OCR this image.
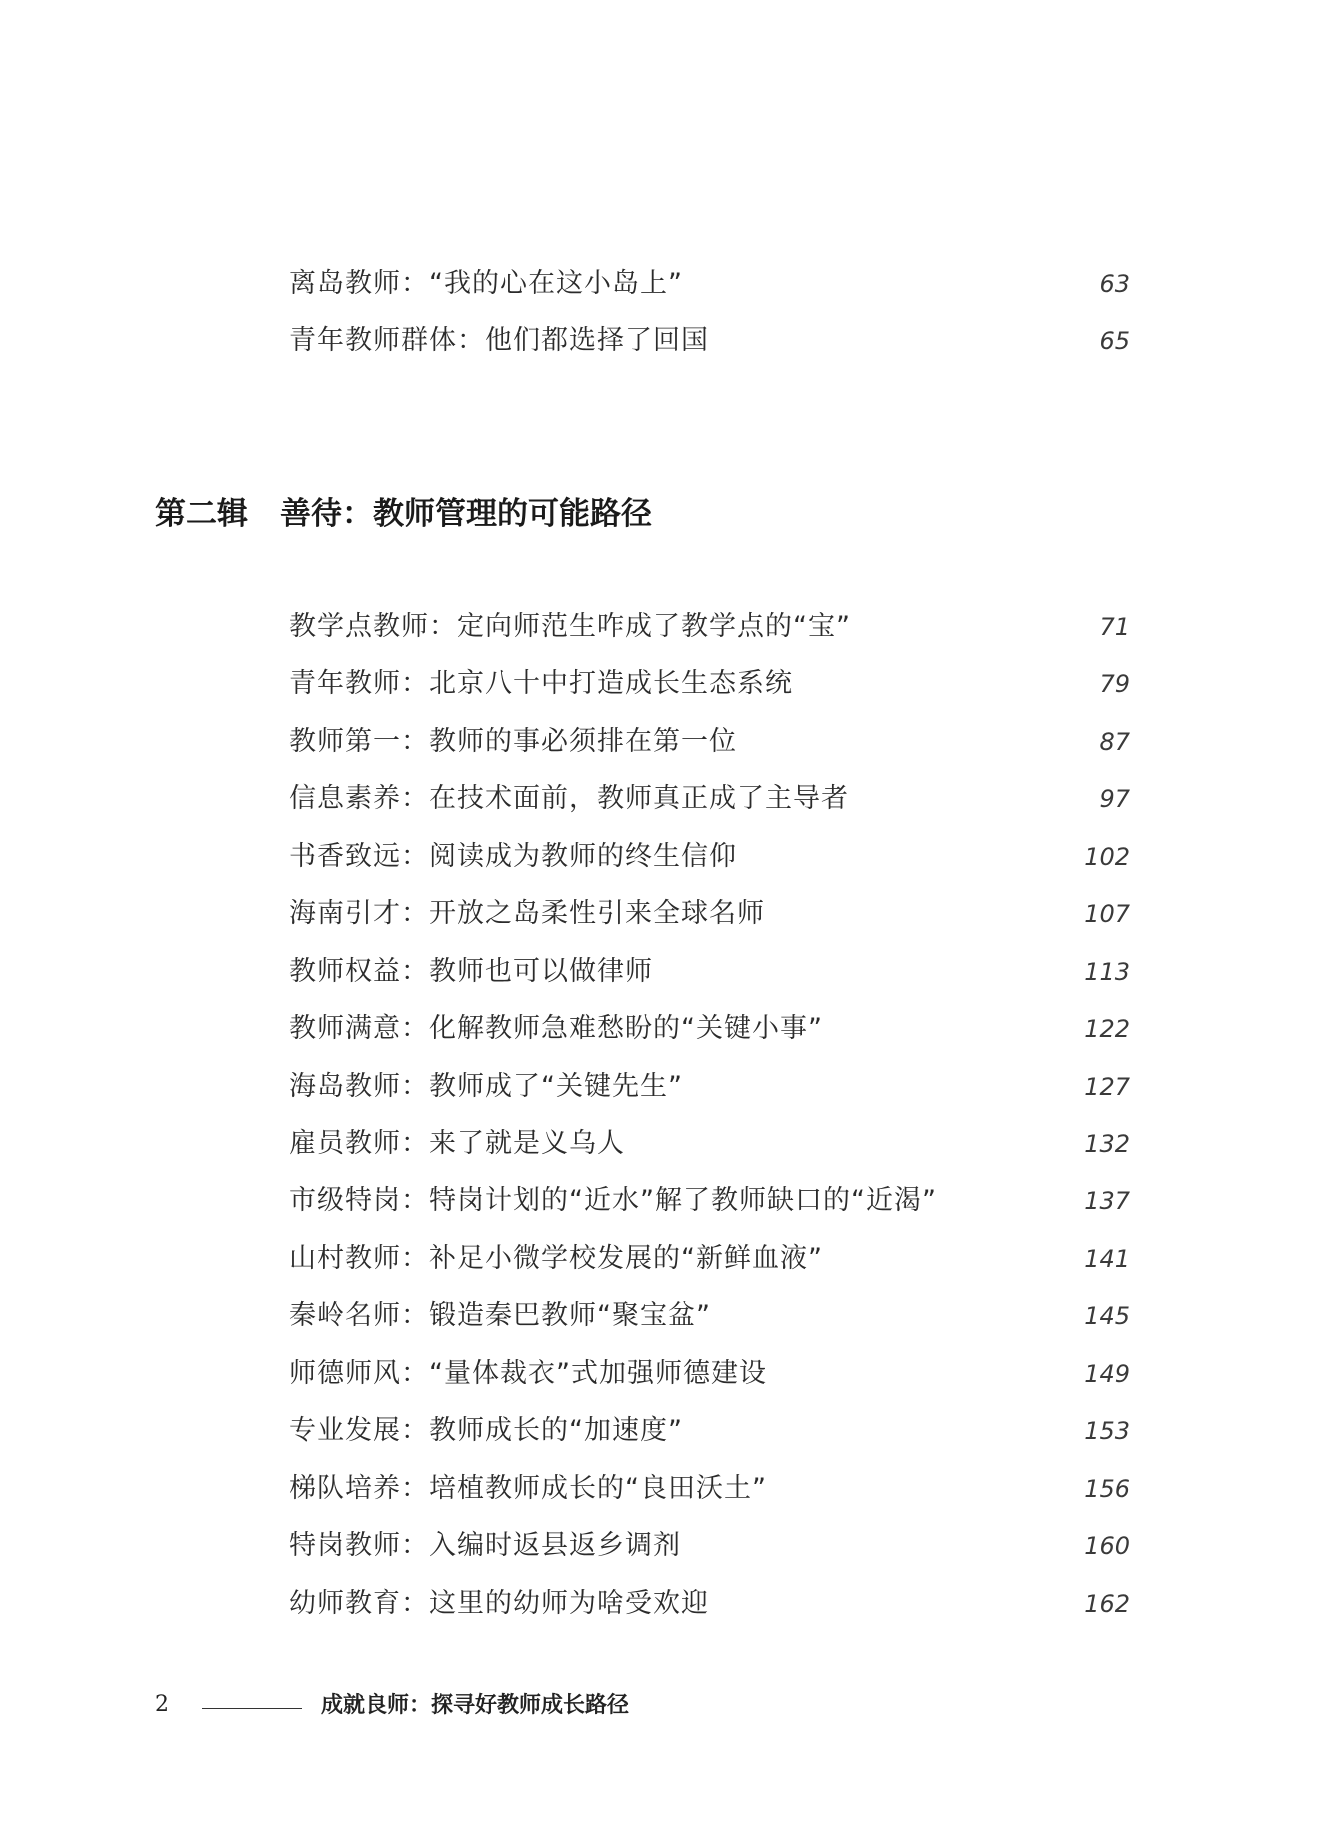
离岛教师：“我的心在这小岛上”	63
青年教师群体：他们都选择了回国	65
第二辑 善待：教师管理的可能路径
教学点教师：定向师范生咋成了教学点的“宝”	71
青年教师：北京八十中打造成长生态系统	79
教师第一：教师的事必须排在第一位	87
信息素养：在技术面前，教师真正成了主导者	97
书香致远：阅读成为教师的终生信仰	102
海南引才：开放之岛柔性引来全球名师	107
教师权益：教师也可以做律师	113
教师满意：化解教师急难愁盼的“关键小事”	122
海岛教师：教师成了“关键先生”	127
雇员教师：来了就是义乌人	132
市级特岗：特岗计划的“近水”解了教师缺口的“近渴”	137
山村教师：补足小微学校发展的“新鲜血液”	141
秦岭名师：锻造秦巴教师“聚宝盆”	145
师德师风：“量体裁衣”式加强师德建设	149
专业发展：教师成长的“加速度”	153
梯队培养：培植教师成长的“良田沃土”	156
特岗教师：入编时返县返乡调剂	160
幼师教育：这里的幼师为啥受欢迎	162
2	成就良师：探寻好教师成长路径
